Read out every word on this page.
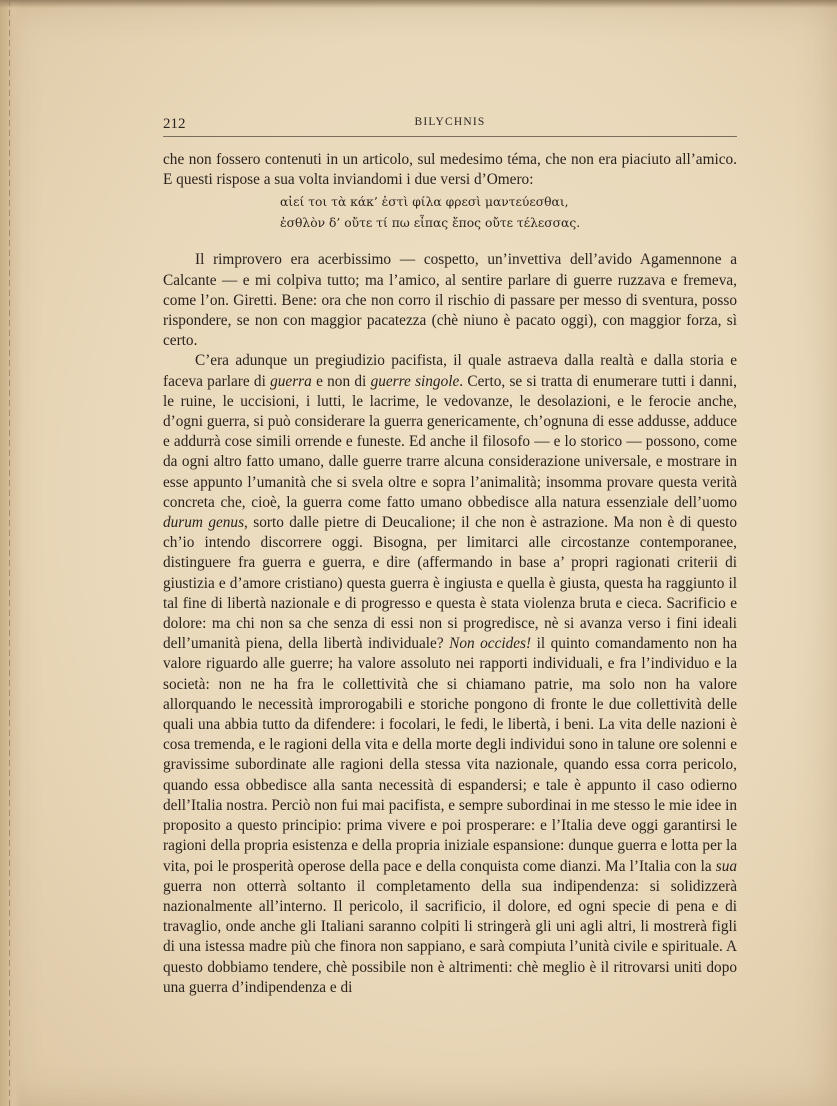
212	BILYCHNIS

che non fossero contenuti in un articolo, sul medesimo téma, che non era piaciuto all’amico. E questi rispose a sua volta inviandomi i due versi d’Omero:

αἰεί τοι τὰ κάκ’ ἐστὶ φίλα φρεσὶ μαντεύεσθαι,
ἐσθλὸν δ’ οὔτε τί πω εἶπας ἔπος οὔτε τέλεσσας.

Il rimprovero era acerbissimo — cospetto, un’invettiva dell’avido Agamennone a Calcante — e mi colpiva tutto; ma l’amico, al sentire parlare di guerre ruzzava e fremeva, come l’on. Giretti. Bene: ora che non corro il rischio di passare per messo di sventura, posso rispondere, se non con maggior pacatezza (chè niuno è pacato oggi), con maggior forza, sì certo.

C’era adunque un pregiudizio pacifista, il quale astraeva dalla realtà e dalla storia e faceva parlare di guerra e non di guerre singole. Certo, se si tratta di enumerare tutti i danni, le ruine, le uccisioni, i lutti, le lacrime, le vedovanze, le desolazioni, e le ferocie anche, d’ogni guerra, si può considerare la guerra genericamente, ch’ognuna di esse addusse, adduce e addurrà cose simili orrende e funeste. Ed anche il filosofo — e lo storico — possono, come da ogni altro fatto umano, dalle guerre trarre alcuna considerazione universale, e mostrare in esse appunto l’umanità che si svela oltre e sopra l’animalità; insomma provare questa verità concreta che, cioè, la guerra come fatto umano obbedisce alla natura essenziale dell’uomo durum genus, sorto dalle pietre di Deucalione; il che non è astrazione. Ma non è di questo ch’io intendo discorrere oggi. Bisogna, per limitarci alle circostanze contemporanee, distinguere fra guerra e guerra, e dire (affermando in base a’ propri ragionati criterii di giustizia e d’amore cristiano) questa guerra è ingiusta e quella è giusta, questa ha raggiunto il tal fine di libertà nazionale e di progresso e questa è stata violenza bruta e cieca. Sacrificio e dolore: ma chi non sa che senza di essi non si progredisce, nè si avanza verso i fini ideali dell’umanità piena, della libertà individuale? Non occides! il quinto comandamento non ha valore riguardo alle guerre; ha valore assoluto nei rapporti individuali, e fra l’individuo e la società: non ne ha fra le collettività che si chiamano patrie, ma solo non ha valore allorquando le necessità improrogabili e storiche pongono di fronte le due collettività delle quali una abbia tutto da difendere: i focolari, le fedi, le libertà, i beni. La vita delle nazioni è cosa tremenda, e le ragioni della vita e della morte degli individui sono in talune ore solenni e gravissime subordinate alle ragioni della stessa vita nazionale, quando essa corra pericolo, quando essa obbedisce alla santa necessità di espandersi; e tale è appunto il caso odierno dell’Italia nostra. Perciò non fui mai pacifista, e sempre subordinai in me stesso le mie idee in proposito a questo principio: prima vivere e poi prosperare: e l’Italia deve oggi garantirsi le ragioni della propria esistenza e della propria iniziale espansione: dunque guerra e lotta per la vita, poi le prosperità operose della pace e della conquista come dianzi. Ma l’Italia con la sua guerra non otterrà soltanto il completamento della sua indipendenza: si solidizzerà nazionalmente all’interno. Il pericolo, il sacrificio, il dolore, ed ogni specie di pena e di travaglio, onde anche gli Italiani saranno colpiti li stringerà gli uni agli altri, li mostrerà figli di una istessa madre più che finora non sappiano, e sarà compiuta l’unità civile e spirituale. A questo dobbiamo tendere, chè possibile non è altrimenti: chè meglio è il ritrovarsi uniti dopo una guerra d’indipendenza e di
